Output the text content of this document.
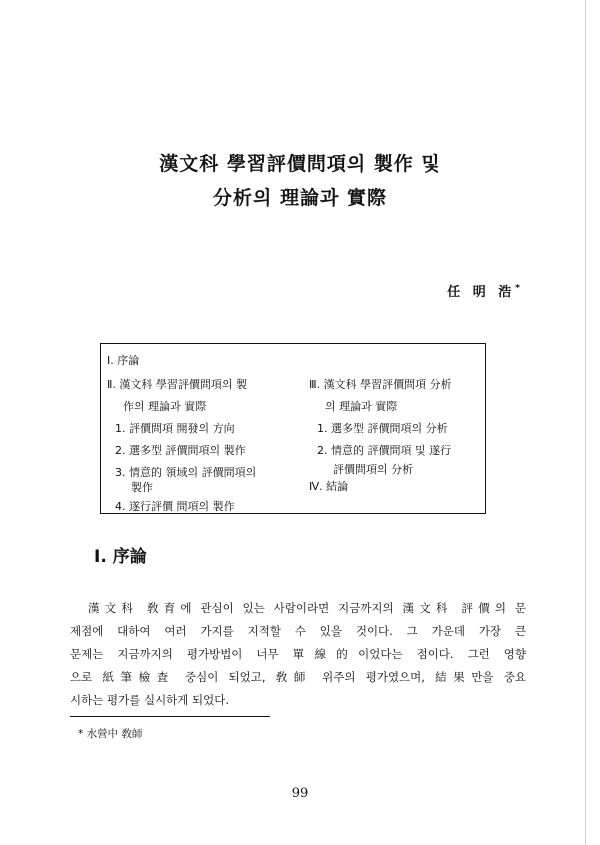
漢文科 學習評價問項의 製作 및
分析의 理論과 實際
任 明 浩*
Ⅰ. 序論
Ⅱ. 漢文科 學習評價問項의 製
作의 理論과 實際
1. 評價問項 開發의 方向
2. 選多型 評價問項의 製作
3. 情意的 領域의 評價問項의
製作
4. 遂行評價 問項의 製作
Ⅲ. 漢文科 學習評價問項 分析
의 理論과 實際
1. 選多型 評價問項의 分析
2. 情意的 評價問項 및 遂行
評價問項의 分析
Ⅳ. 結論
Ⅰ. 序論
漢文科 敎育에 관심이 있는 사람이라면 지금까지의 漢文科 評價의 문
제점에 대하여 여러 가지를 지적할 수 있을 것이다. 그 가운데 가장 큰
문제는 지금까지의 평가방법이 너무 單線的이었다는 점이다. 그런 영향
으로 紙筆檢査 중심이 되었고, 敎師 위주의 평가였으며, 結果만을 중요
시하는 평가를 실시하게 되었다.
* 水營中 敎師
99
